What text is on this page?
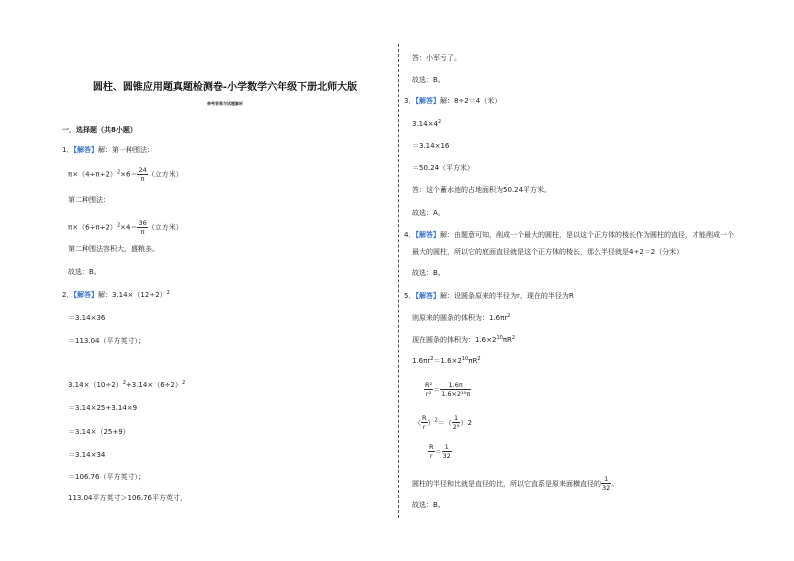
圆柱、圆锥应用题真题检测卷-小学数学六年级下册北师大版
参考答案与试题解析
一．选择题（共8小题）
1．【解答】解：第一种围法：
$\pi\times(4\div\pi\div 2)^2\times 6= \frac{24}{\pi}$ （立方米）
第二种围法：
$\pi\times(6\div\pi\div 2)^2\times 4= \frac{36}{\pi}$ （立方米）
第二种围法容积大，盛粮多。
故选：B。
2．【解答】解：$3.14\times(12\div 2)^2$
＝3.14×36
＝113.04（平方英寸）；
$3.14\times(10\div 2)^2+3.14\times(6\div 2)^2$
＝3.14×25+3.14×9
＝3.14×（25+9）
＝3.14×34
＝106.76（平方英寸）；
113.04平方英寸＞106.76平方英寸，
答：小军亏了。
故选：B。
3．【解答】解：8÷2＝4（米）
$3.14\times 4^2$
＝3.14×16
＝50.24（平方米）
答：这个蓄水池的占地面积为50.24平方米。
故选：A。
4．【解答】解：由题意可知，削成一个最大的圆柱，是以这个正方体的棱长作为圆柱的直径，才能削成一个
最大的圆柱，所以它的底面直径就是这个正方体的棱长，那么半径就是4÷2＝2（分米）
故选：B。
5．【解答】解：设圆条原来的半径为r，现在的半径为R
则原来的圆条的体积为：$1.6\pi r^2$
现在圆条的体积为：$1.6\times 2^{10}\pi R^2$
$1.6\pi r^2=1.6\times 2^{10}\pi R^2$
$\frac{\text{R²}}{\text{r²}} = \frac{1.6\pi}{\text{1.6×2¹⁰π}}$
（ $\frac{R}{r} )^2=( \frac{1}{\text{2⁵}} )2$
$\frac{R}{r} = \frac{1}{32}$
圆柱的半径和比就是直径的比，所以它直系是原来面横直径的 $\frac{1}{32}$ 。
故选：B。
